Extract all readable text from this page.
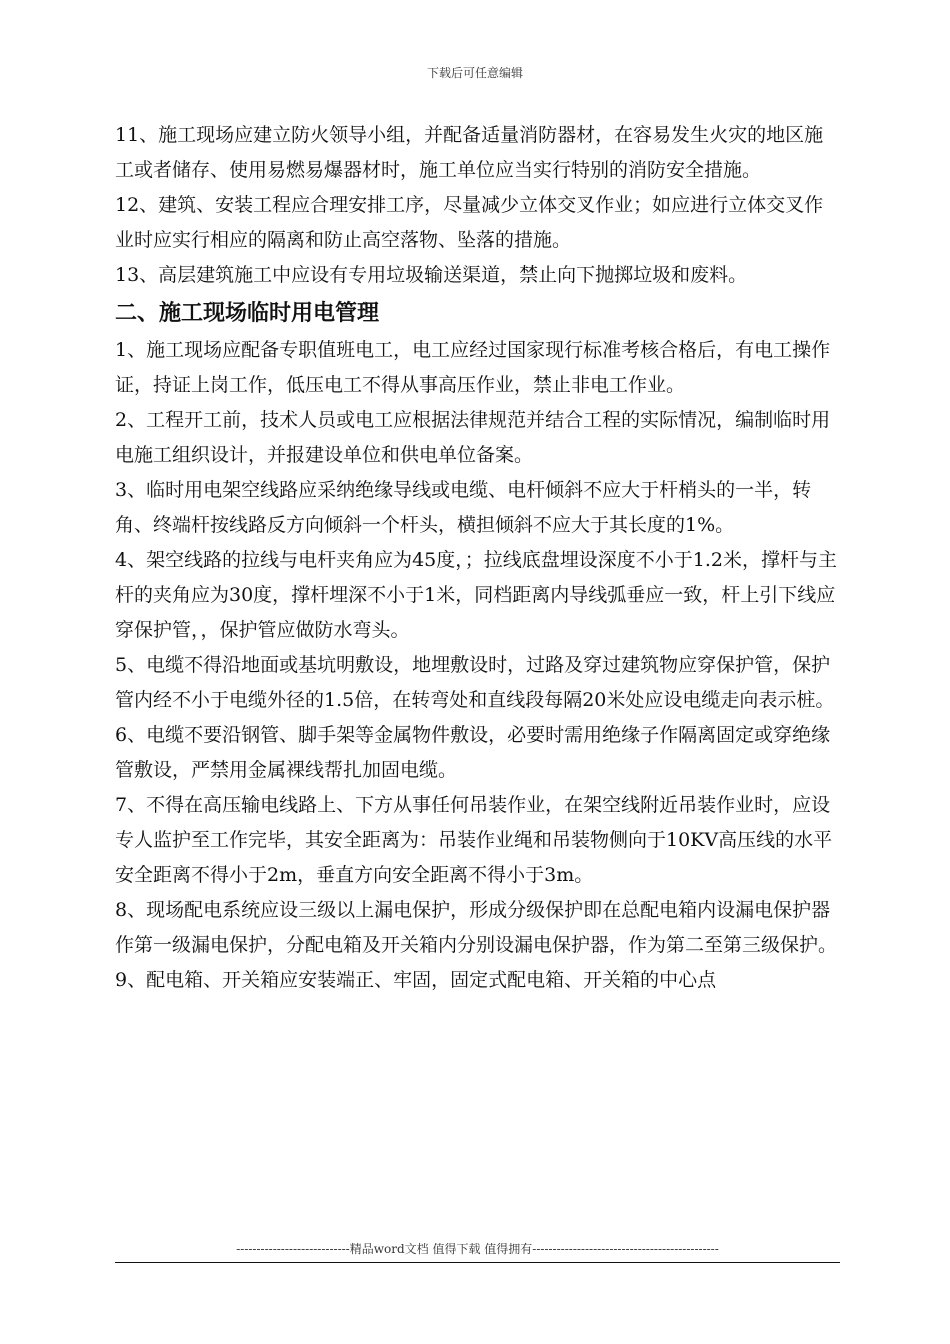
下载后可任意编辑

11、施工现场应建立防火领导小组，并配备适量消防器材，在容易发生火灾的地区施工或者储存、使用易燃易爆器材时，施工单位应当实行特别的消防安全措施。

12、建筑、安装工程应合理安排工序，尽量减少立体交叉作业；如应进行立体交叉作业时应实行相应的隔离和防止高空落物、坠落的措施。

13、高层建筑施工中应设有专用垃圾输送渠道，禁止向下抛掷垃圾和废料。

二、施工现场临时用电管理

1、施工现场应配备专职值班电工，电工应经过国家现行标准考核合格后，有电工操作证，持证上岗工作，低压电工不得从事高压作业，禁止非电工作业。

2、工程开工前，技术人员或电工应根据法律规范并结合工程的实际情况，编制临时用电施工组织设计，并报建设单位和供电单位备案。

3、临时用电架空线路应采纳绝缘导线或电缆、电杆倾斜不应大于杆梢头的一半，转角、终端杆按线路反方向倾斜一个杆头，横担倾斜不应大于其长度的1%。

4、架空线路的拉线与电杆夹角应为45度，；拉线底盘埋设深度不小于1.2米，撑杆与主杆的夹角应为30度，撑杆埋深不小于1米，同档距离内导线弧垂应一致，杆上引下线应穿保护管，，保护管应做防水弯头。

5、电缆不得沿地面或基坑明敷设，地埋敷设时，过路及穿过建筑物应穿保护管，保护管内经不小于电缆外径的1.5倍，在转弯处和直线段每隔20米处应设电缆走向表示桩。

6、电缆不要沿钢管、脚手架等金属物件敷设，必要时需用绝缘子作隔离固定或穿绝缘管敷设，严禁用金属裸线帮扎加固电缆。

7、不得在高压输电线路上、下方从事任何吊装作业，在架空线附近吊装作业时，应设专人监护至工作完毕，其安全距离为：吊装作业绳和吊装物侧向于10KV高压线的水平安全距离不得小于2m，垂直方向安全距离不得小于3m。

8、现场配电系统应设三级以上漏电保护，形成分级保护即在总配电箱内设漏电保护器作第一级漏电保护，分配电箱及开关箱内分别设漏电保护器，作为第二至第三级保护。

9、配电箱、开关箱应安装端正、牢固，固定式配电箱、开关箱的中心点

----------------------------精品word文档 值得下载 值得拥有----------------------------------------------
